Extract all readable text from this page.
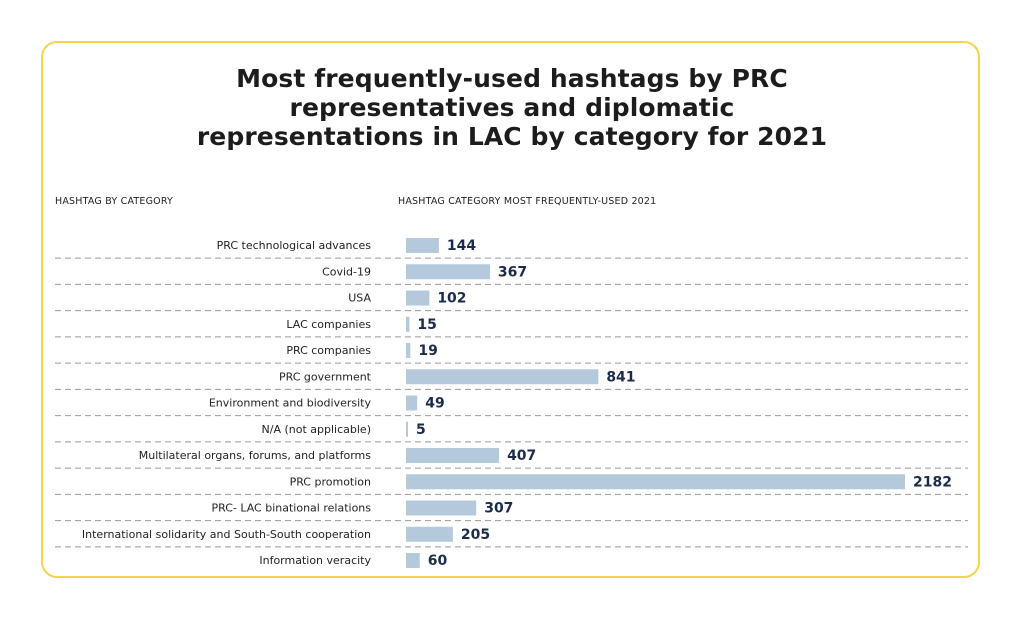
Most frequently-used hashtags by PRC
representatives and diplomatic
representations in LAC by category for 2021
HASHTAG BY CATEGORY	HASHTAG CATEGORY MOST FREQUENTLY-USED 2021
PRC technological advances	144
Covid-19	367
USA	102
LAC companies	15
PRC companies	19
PRC government	841
Environment and biodiversity	49
N/A (not applicable)	5
Multilateral organs, forums, and platforms	407
PRC promotion	2182
PRC- LAC binational relations	307
International solidarity and South-South cooperation	205
Information veracity	60
